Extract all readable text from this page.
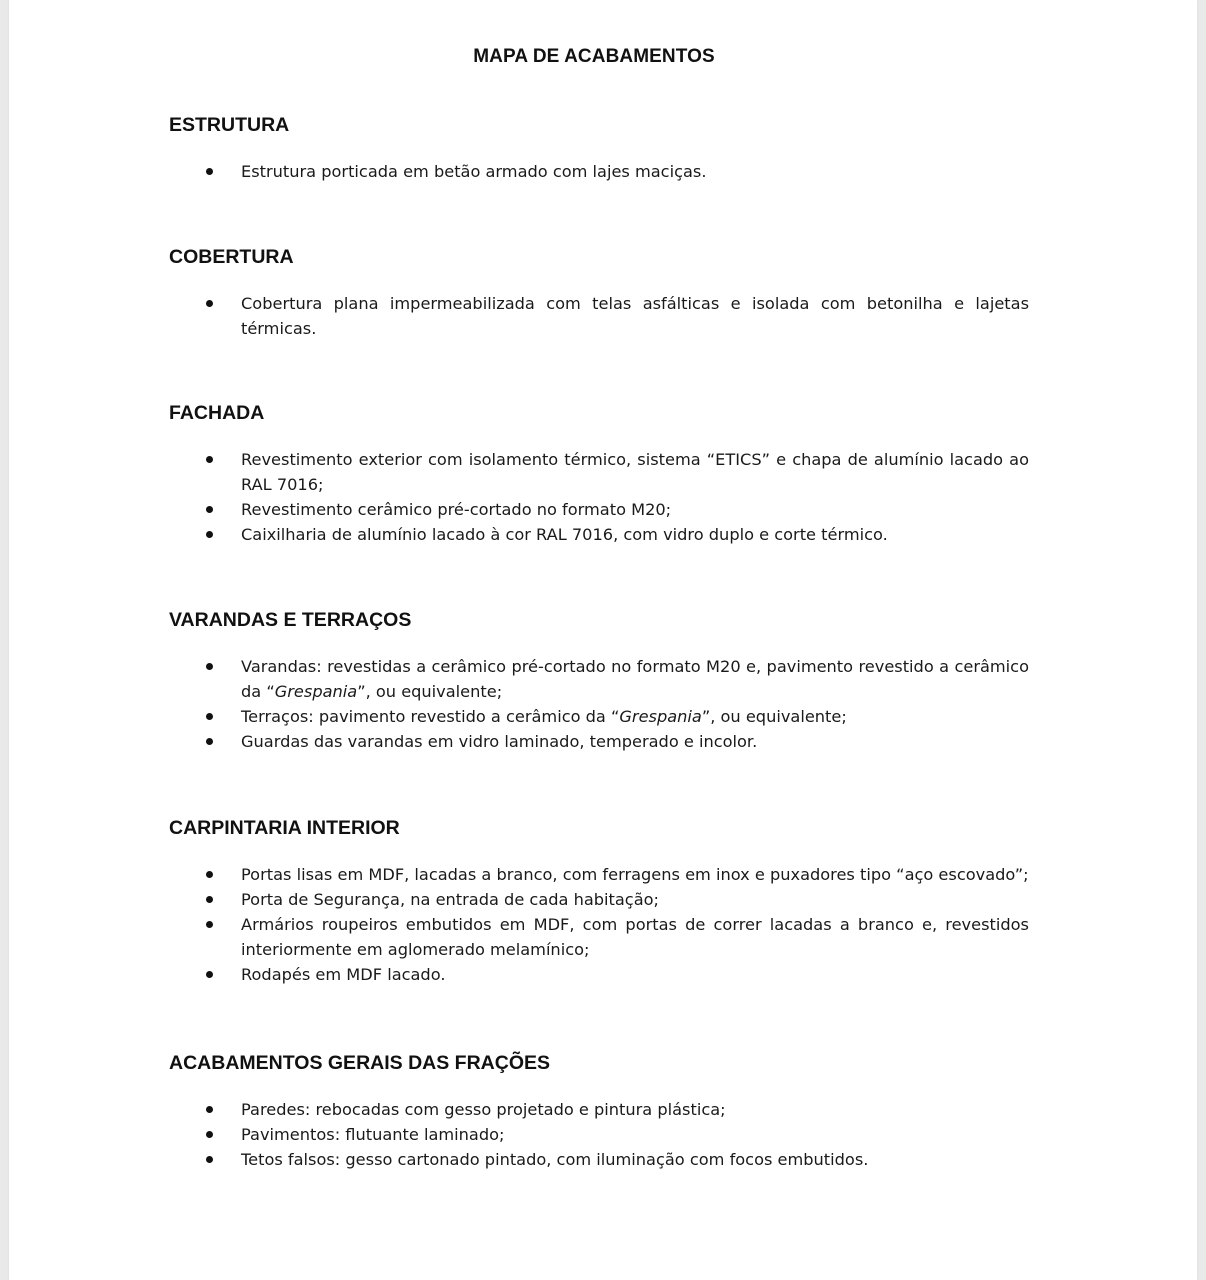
MAPA DE ACABAMENTOS
ESTRUTURA
Estrutura porticada em betão armado com lajes maciças.
COBERTURA
Cobertura plana impermeabilizada com telas asfálticas e isolada com betonilha e lajetas térmicas.
FACHADA
Revestimento exterior com isolamento térmico, sistema “ETICS” e chapa de alumínio lacado ao RAL 7016;
Revestimento cerâmico pré-cortado no formato M20;
Caixilharia de alumínio lacado à cor RAL 7016, com vidro duplo e corte térmico.
VARANDAS E TERRAÇOS
Varandas: revestidas a cerâmico pré-cortado no formato M20 e, pavimento revestido a cerâmico da “Grespania”, ou equivalente;
Terraços: pavimento revestido a cerâmico da “Grespania”, ou equivalente;
Guardas das varandas em vidro laminado, temperado e incolor.
CARPINTARIA INTERIOR
Portas lisas em MDF, lacadas a branco, com ferragens em inox e puxadores tipo “aço escovado”;
Porta de Segurança, na entrada de cada habitação;
Armários roupeiros embutidos em MDF, com portas de correr lacadas a branco e, revestidos interiormente em aglomerado melamínico;
Rodapés em MDF lacado.
ACABAMENTOS GERAIS DAS FRAÇÕES
Paredes: rebocadas com gesso projetado e pintura plástica;
Pavimentos: flutuante laminado;
Tetos falsos: gesso cartonado pintado, com iluminação com focos embutidos.
